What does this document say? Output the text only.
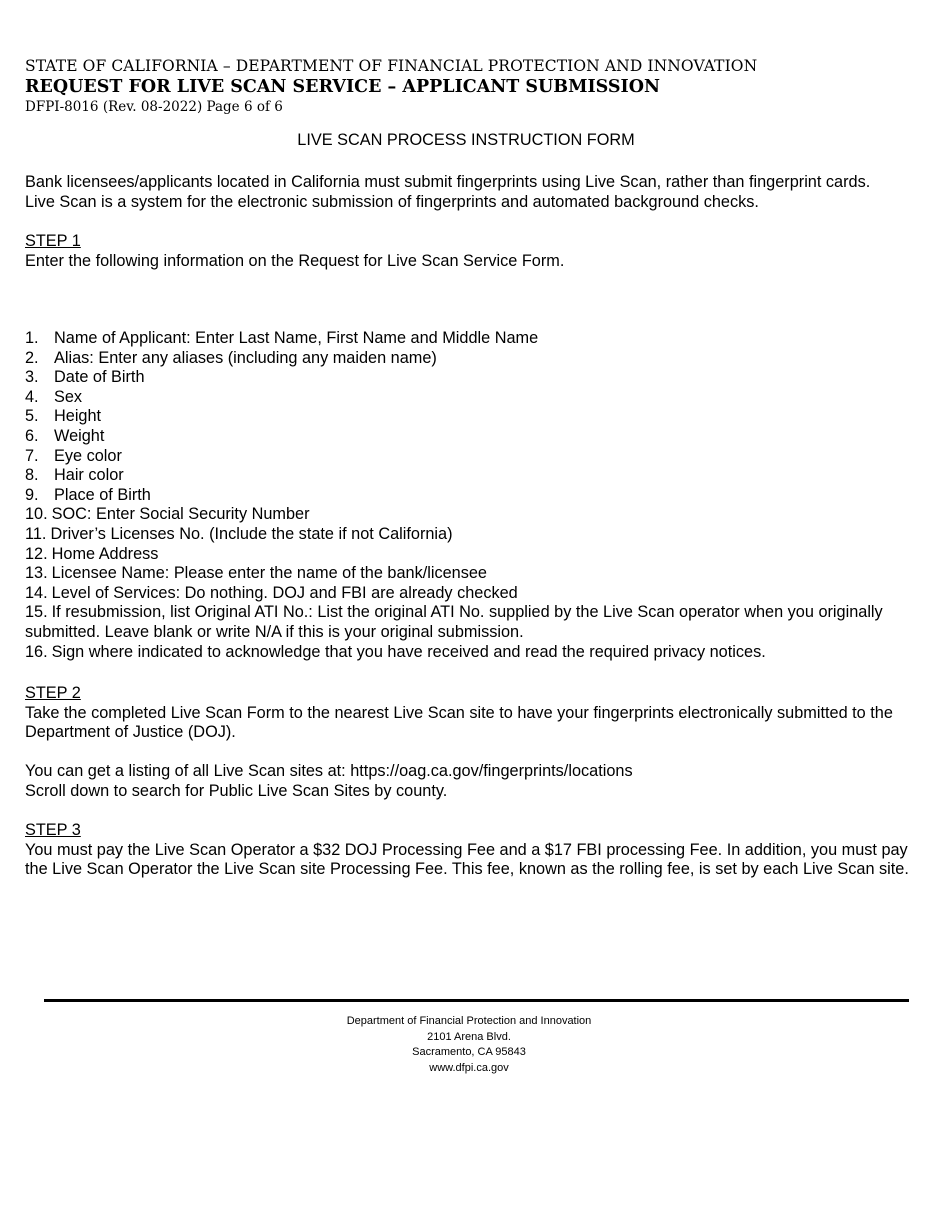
STATE OF CALIFORNIA – DEPARTMENT OF FINANCIAL PROTECTION AND INNOVATION
REQUEST FOR LIVE SCAN SERVICE – APPLICANT SUBMISSION
DFPI-8016 (Rev. 08-2022) Page 6 of 6
LIVE SCAN PROCESS INSTRUCTION FORM
Bank licensees/applicants located in California must submit fingerprints using Live Scan, rather than fingerprint cards.
Live Scan is a system for the electronic submission of fingerprints and automated background checks.
STEP 1
Enter the following information on the Request for Live Scan Service Form.
1. Name of Applicant: Enter Last Name, First Name and Middle Name
2. Alias: Enter any aliases (including any maiden name)
3. Date of Birth
4. Sex
5. Height
6. Weight
7. Eye color
8. Hair color
9. Place of Birth
10. SOC: Enter Social Security Number
11. Driver’s Licenses No. (Include the state if not California)
12. Home Address
13. Licensee Name: Please enter the name of the bank/licensee
14. Level of Services: Do nothing. DOJ and FBI are already checked
15. If resubmission, list Original ATI No.: List the original ATI No. supplied by the Live Scan operator when you originally submitted. Leave blank or write N/A if this is your original submission.
16. Sign where indicated to acknowledge that you have received and read the required privacy notices.
STEP 2
Take the completed Live Scan Form to the nearest Live Scan site to have your fingerprints electronically submitted to the Department of Justice (DOJ).
You can get a listing of all Live Scan sites at: https://oag.ca.gov/fingerprints/locations
Scroll down to search for Public Live Scan Sites by county.
STEP 3
You must pay the Live Scan Operator a $32 DOJ Processing Fee and a $17 FBI processing Fee. In addition, you must pay the Live Scan Operator the Live Scan site Processing Fee. This fee, known as the rolling fee, is set by each Live Scan site.
Department of Financial Protection and Innovation
2101 Arena Blvd.
Sacramento, CA 95843
www.dfpi.ca.gov
